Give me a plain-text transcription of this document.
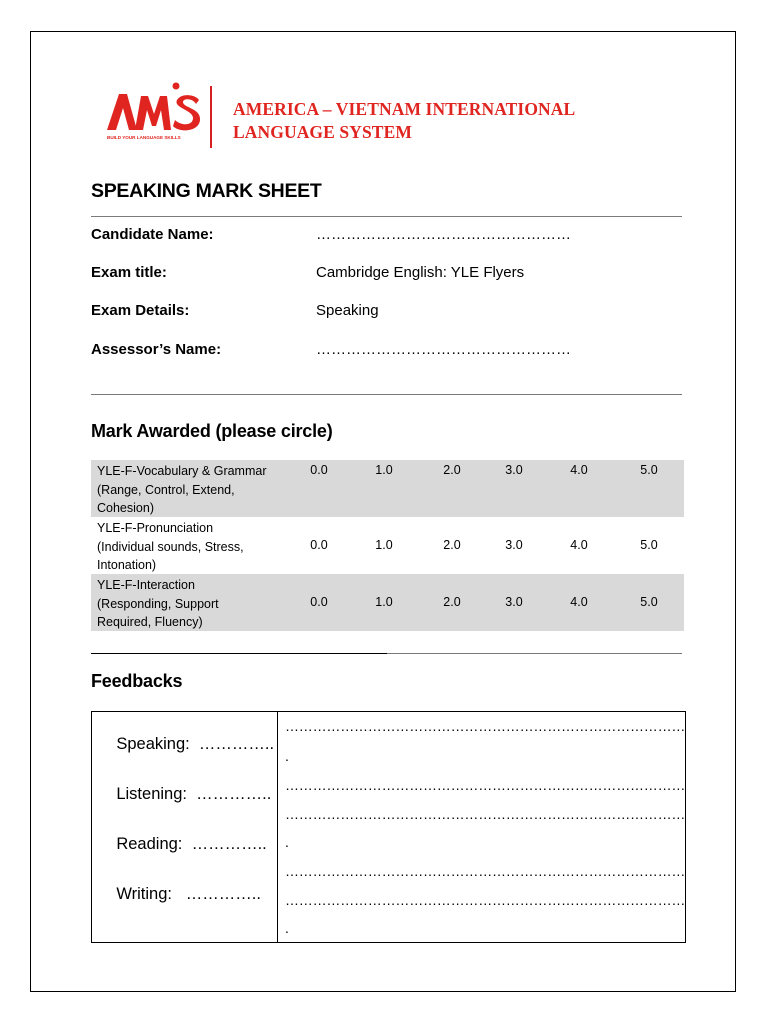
BUILD YOUR LANGUAGE SKILLS
AMERICA – VIETNAM INTERNATIONAL
LANGUAGE SYSTEM
SPEAKING MARK SHEET
Candidate Name:	……………………………………………
Exam title:	Cambridge English: YLE Flyers
Exam Details:	Speaking
Assessor’s Name:	……………………………………………
Mark Awarded (please circle)
YLE-F-Vocabulary & Grammar
(Range, Control, Extend,
Cohesion)
0.0	1.0	2.0	3.0	4.0	5.0
YLE-F-Pronunciation
(Individual sounds, Stress,
Intonation)
0.0	1.0	2.0	3.0	4.0	5.0
YLE-F-Interaction
(Responding, Support
Required, Fluency)
0.0	1.0	2.0	3.0	4.0	5.0
Feedbacks

Speaking: …………..

Listening: …………..

Reading: …………..

Writing: …………..

……………………………………………………………………………
.
……………………………………………………………………………
……………………………………………………………………………
.
……………………………………………………………………………
……………………………………………………………………………
.
